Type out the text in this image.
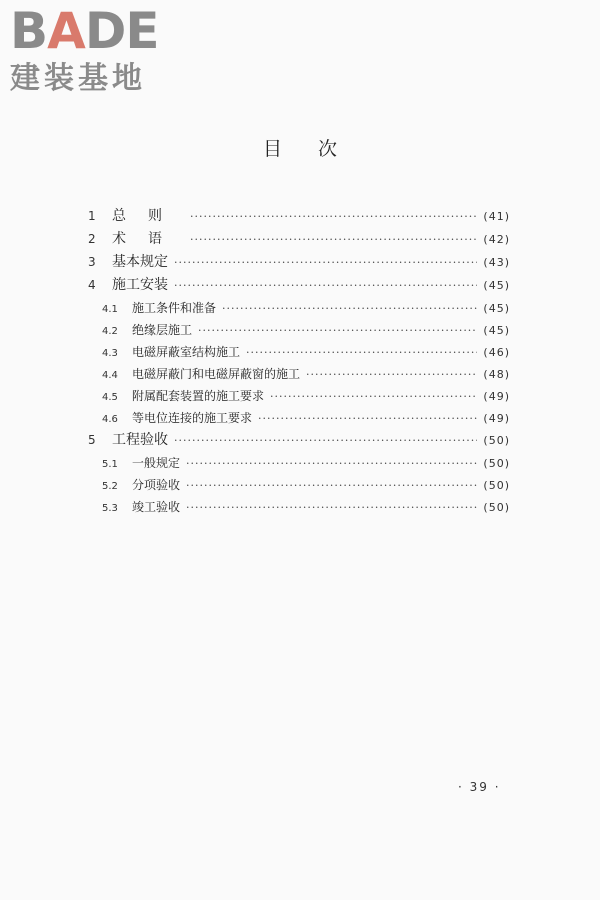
B A DE
建装基地
目次
1	总则 ·····	(41)
2	术语 ·····	(42)
3	基本规定 ·····	(43)
4	施工安装 ·····	(45)
4.1	施工条件和准备 ·····	(45)
4.2	绝缘层施工 ·····	(45)
4.3	电磁屏蔽室结构施工 ·····	(46)
4.4	电磁屏蔽门和电磁屏蔽窗的施工 ·····	(48)
4.5	附属配套装置的施工要求 ·····	(49)
4.6	等电位连接的施工要求 ·····	(49)
5	工程验收 ·····	(50)
5.1	一般规定 ·····	(50)
5.2	分项验收 ·····	(50)
5.3	竣工验收 ·····	(50)
· 39 ·
